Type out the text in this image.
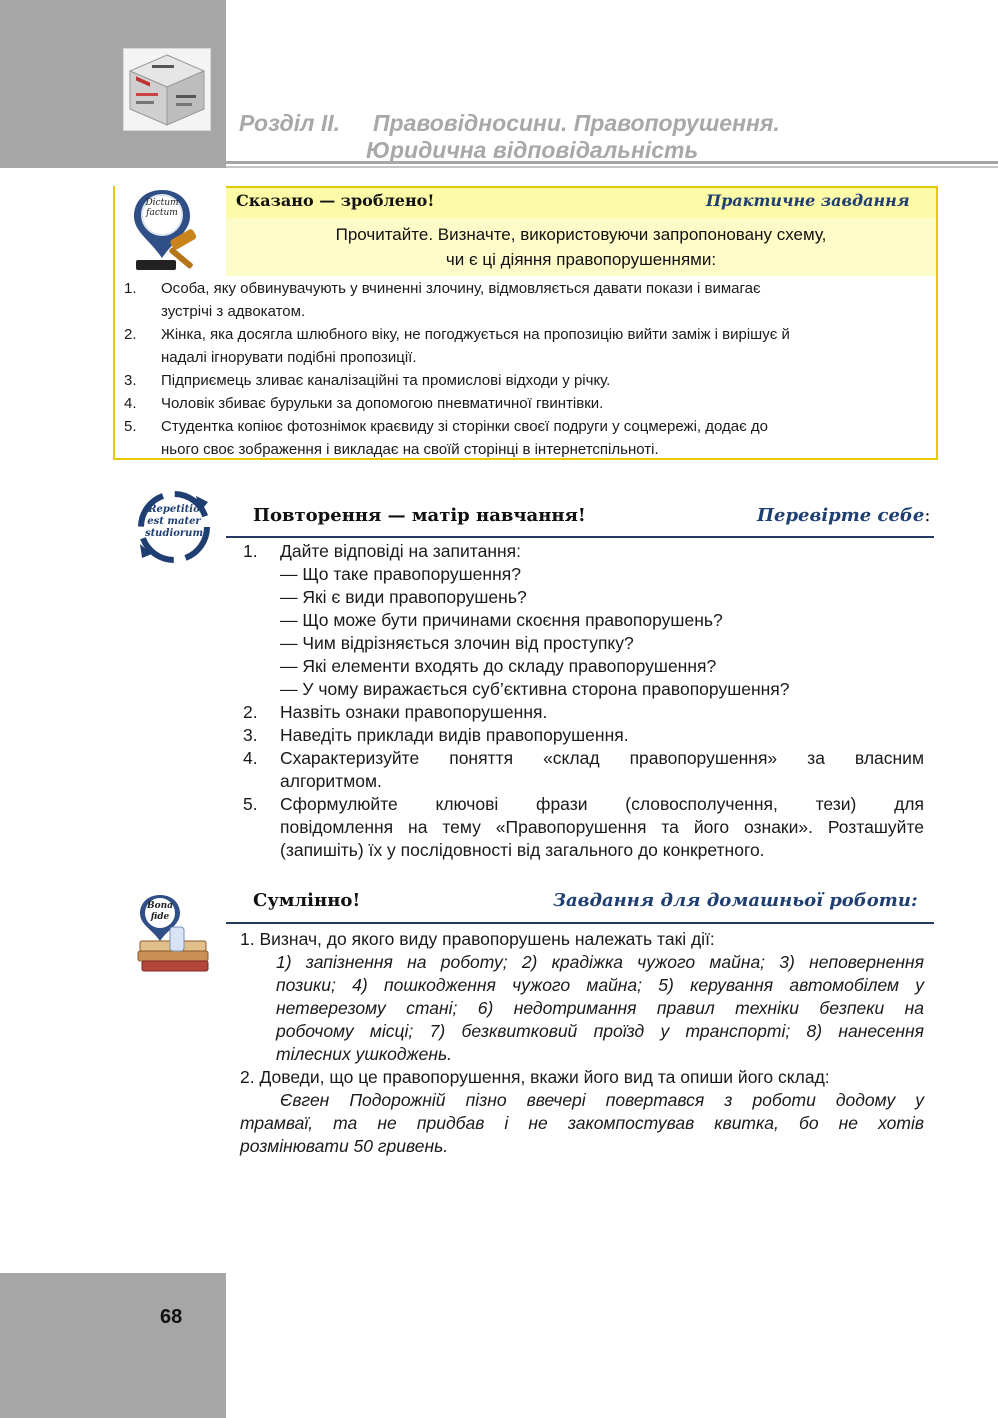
Розділ ІІ. Правовідносини. Правопорушення.
Юридична відповідальність
Dictum factum
Сказано — зроблено!	Практичне завдання
Прочитайте. Визначте, використовуючи запропоновану схему,
чи є ці діяння правопорушеннями:
1. Особа, яку обвинувачують у вчиненні злочину, відмовляється давати покази і вимагає
зустрічі з адвокатом.
2. Жінка, яка досягла шлюбного віку, не погоджується на пропозицію вийти заміж і вирішує й
надалі ігнорувати подібні пропозиції.
3. Підприємець зливає каналізаційні та промислові відходи у річку.
4. Чоловік збиває бурульки за допомогою пневматичної гвинтівки.
5. Студентка копіює фотознімок краєвиду зі сторінки своєї подруги у соцмережі, додає до
нього своє зображення і викладає на своїй сторінці в інтернетспільноті.
Repetitio
est mater
studiorum
Повторення — матір навчання!	Перевірте себе:
1. Дайте відповіді на запитання:
— Що таке правопорушення?
— Які є види правопорушень?
— Що може бути причинами скоєння правопорушень?
— Чим відрізняється злочин від проступку?
— Які елементи входять до складу правопорушення?
— У чому виражається суб’єктивна сторона правопорушення?
2. Назвіть ознаки правопорушення.
3. Наведіть приклади видів правопорушення.
4. Схарактеризуйте поняття «склад правопорушення» за власним
алгоритмом.
5. Сформулюйте ключові фрази (словосполучення, тези) для
повідомлення на тему «Правопорушення та його ознаки». Розташуйте
(запишіть) їх у послідовності від загального до конкретного.
Bona fide
Сумлінно!	Завдання для домашньої роботи:
1. Визнач, до якого виду правопорушень належать такі дії:
1) запізнення на роботу; 2) крадіжка чужого майна; 3) неповернення
позики; 4) пошкодження чужого майна; 5) керування автомобілем у
нетверезому стані; 6) недотримання правил техніки безпеки на
робочому місці; 7) безквитковий проїзд у транспорті; 8) нанесення
тілесних ушкоджень.
2. Доведи, що це правопорушення, вкажи його вид та опиши його склад:
Євген Подорожній пізно ввечері повертався з роботи додому у
трамваї, та не придбав і не закомпостував квитка, бо не хотів
розмінювати 50 гривень.
68
